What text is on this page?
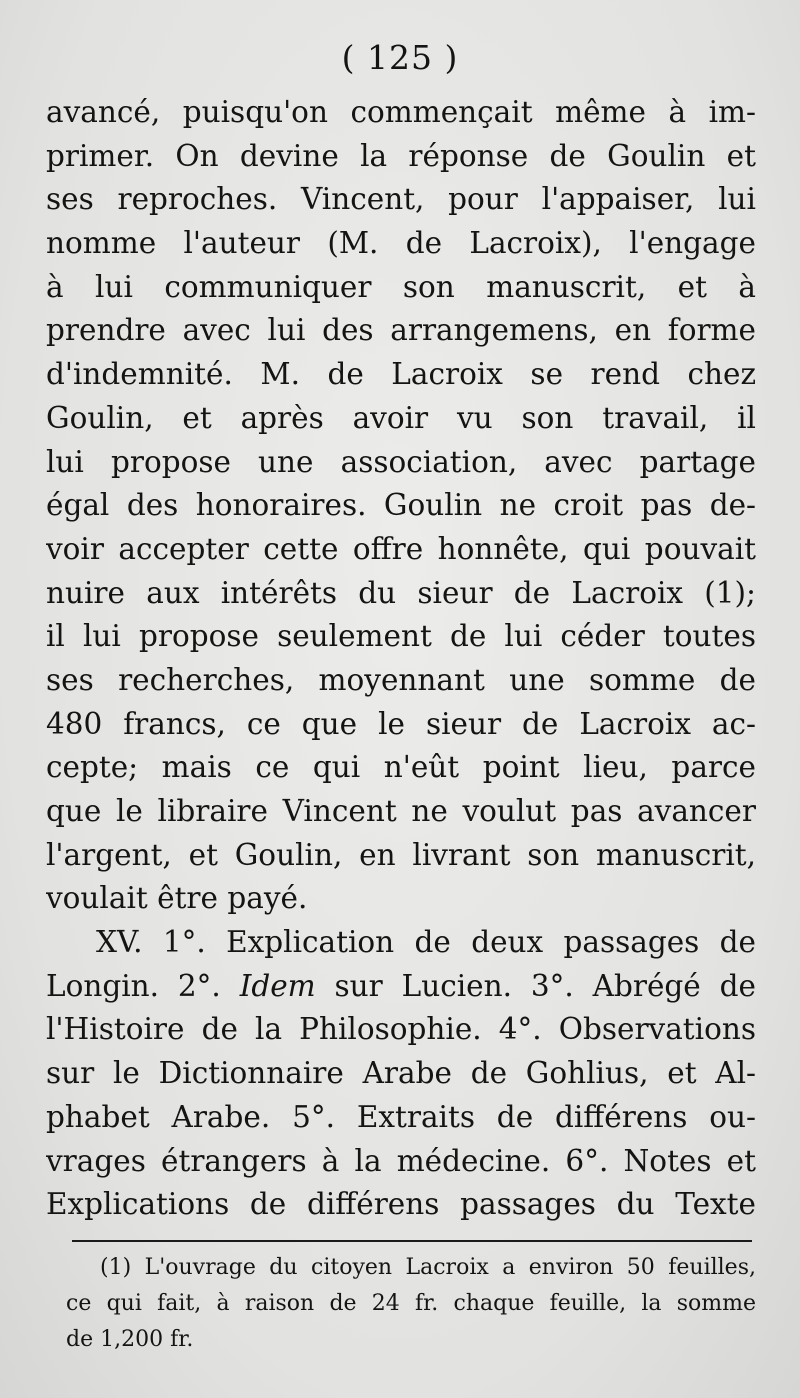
( 125 )
avancé, puisqu'on commençait même à im-
primer. On devine la réponse de Goulin et
ses reproches. Vincent, pour l'appaiser, lui
nomme l'auteur (M. de Lacroix), l'engage
à lui communiquer son manuscrit, et à
prendre avec lui des arrangemens, en forme
d'indemnité. M. de Lacroix se rend chez
Goulin, et après avoir vu son travail, il
lui propose une association, avec partage
égal des honoraires. Goulin ne croit pas de-
voir accepter cette offre honnête, qui pouvait
nuire aux intérêts du sieur de Lacroix (1);
il lui propose seulement de lui céder toutes
ses recherches, moyennant une somme de
480 francs, ce que le sieur de Lacroix ac-
cepte; mais ce qui n'eût point lieu, parce
que le libraire Vincent ne voulut pas avancer
l'argent, et Goulin, en livrant son manuscrit,
voulait être payé.
XV. 1°. Explication de deux passages de
Longin. 2°. Idem sur Lucien. 3°. Abrégé de
l'Histoire de la Philosophie. 4°. Observations
sur le Dictionnaire Arabe de Gohlius, et Al-
phabet Arabe. 5°. Extraits de différens ou-
vrages étrangers à la médecine. 6°. Notes et
Explications de différens passages du Texte
(1) L'ouvrage du citoyen Lacroix a environ 50 feuilles,
ce qui fait, à raison de 24 fr. chaque feuille, la somme
de 1,200 fr.
